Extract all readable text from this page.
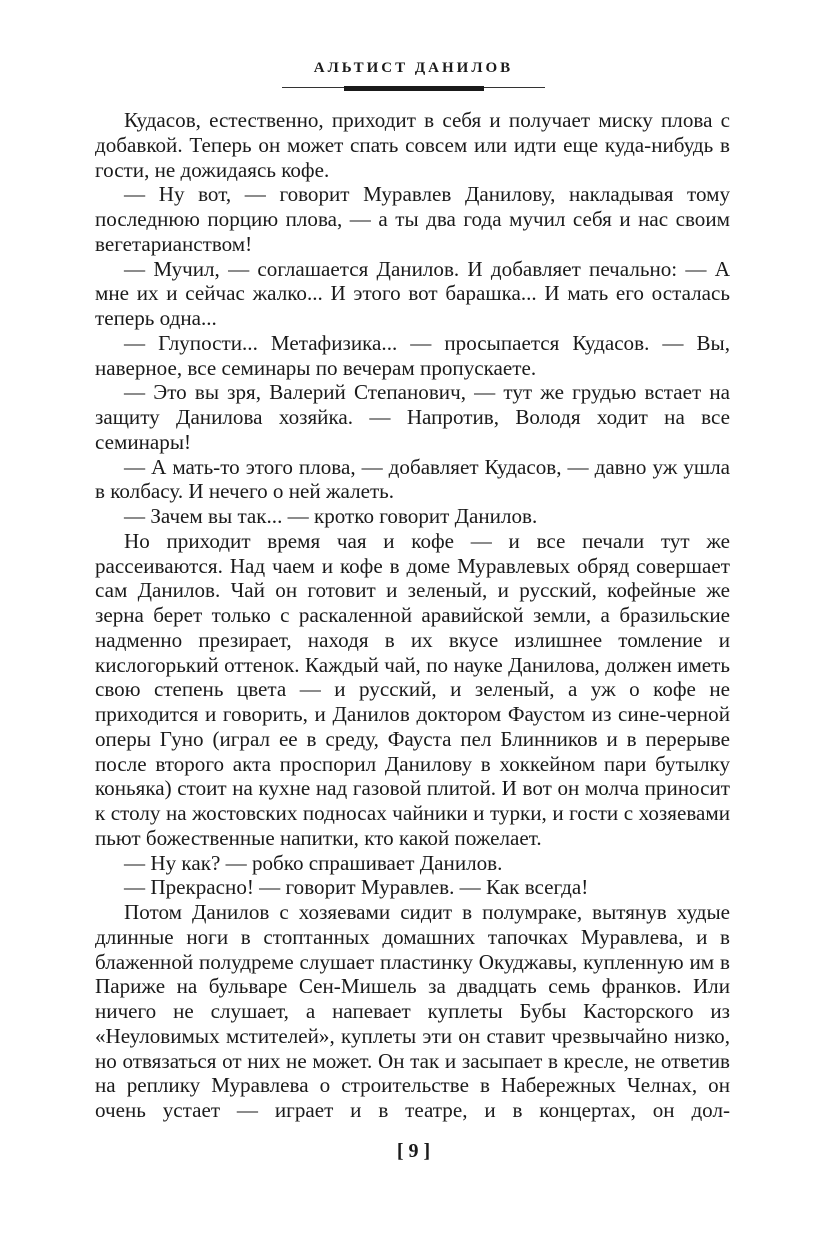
АЛЬТИСТ ДАНИЛОВ

Кудасов, естественно, приходит в себя и получает миску плова с добавкой. Теперь он может спать совсем или идти еще куда-нибудь в гости, не дожидаясь кофе.

— Ну вот, — говорит Муравлев Данилову, накладывая тому последнюю порцию плова, — а ты два года мучил себя и нас своим вегетарианством!

— Мучил, — соглашается Данилов. И добавляет печально: — А мне их и сейчас жалко... И этого вот барашка... И мать его осталась теперь одна...

— Глупости... Метафизика... — просыпается Кудасов. — Вы, наверное, все семинары по вечерам пропускаете.

— Это вы зря, Валерий Степанович, — тут же грудью встает на защиту Данилова хозяйка. — Напротив, Володя ходит на все семинары!

— А мать-то этого плова, — добавляет Кудасов, — давно уж ушла в колбасу. И нечего о ней жалеть.

— Зачем вы так... — кротко говорит Данилов.

Но приходит время чая и кофе — и все печали тут же рассеиваются. Над чаем и кофе в доме Муравлевых обряд совершает сам Данилов. Чай он готовит и зеленый, и русский, кофейные же зерна берет только с раскаленной аравийской земли, а бразильские надменно презирает, находя в их вкусе излишнее томление и кислогорький оттенок. Каждый чай, по науке Данилова, должен иметь свою степень цвета — и русский, и зеленый, а уж о кофе не приходится и говорить, и Данилов доктором Фаустом из сине-черной оперы Гуно (играл ее в среду, Фауста пел Блинников и в перерыве после второго акта проспорил Данилову в хоккейном пари бутылку коньяка) стоит на кухне над газовой плитой. И вот он молча приносит к столу на жостовских подносах чайники и турки, и гости с хозяевами пьют божественные напитки, кто какой пожелает.

— Ну как? — робко спрашивает Данилов.

— Прекрасно! — говорит Муравлев. — Как всегда!

Потом Данилов с хозяевами сидит в полумраке, вытянув худые длинные ноги в стоптанных домашних тапочках Муравлева, и в блаженной полудреме слушает пластинку Окуджавы, купленную им в Париже на бульваре Сен-Мишель за двадцать семь франков. Или ничего не слушает, а напевает куплеты Бубы Касторского из «Неуловимых мстителей», куплеты эти он ставит чрезвычайно низко, но отвязаться от них не может. Он так и засыпает в кресле, не ответив на реплику Муравлева о строительстве в Набережных Челнах, он очень устает — играет и в театре, и в концертах, он дол-

[ 9 ]
